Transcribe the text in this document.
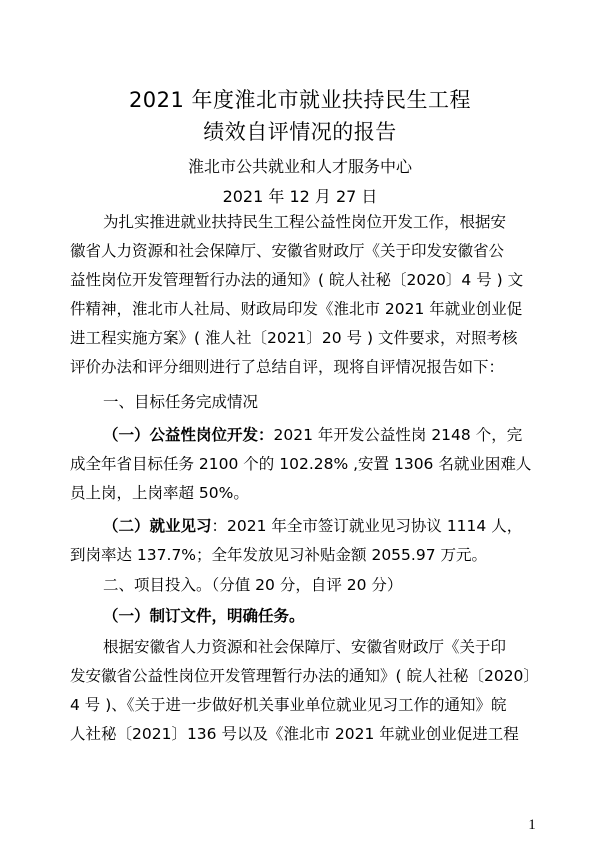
2021 年度淮北市就业扶持民生工程
绩效自评情况的报告
淮北市公共就业和人才服务中心
2021 年 12 月 27 日
为扎实推进就业扶持民生工程公益性岗位开发工作，根据安
徽省人力资源和社会保障厅、安徽省财政厅《关于印发安徽省公
益性岗位开发管理暂行办法的通知》( 皖人社秘〔2020〕4 号 ) 文
件精神，淮北市人社局、财政局印发《淮北市 2021 年就业创业促
进工程实施方案》( 淮人社〔2021〕20 号 ) 文件要求，对照考核
评价办法和评分细则进行了总结自评，现将自评情况报告如下：
一、目标任务完成情况
（一）公益性岗位开发：2021 年开发公益性岗 2148 个，完
成全年省目标任务 2100 个的 102.28% ,安置 1306 名就业困难人
员上岗，上岗率超 50%。
（二）就业见习：2021 年全市签订就业见习协议 1114 人，
到岗率达 137.7%；全年发放见习补贴金额 2055.97 万元。
二、项目投入。（分值 20 分，自评 20 分）
（一）制订文件，明确任务。
根据安徽省人力资源和社会保障厅、安徽省财政厅《关于印
发安徽省公益性岗位开发管理暂行办法的通知》( 皖人社秘〔2020〕
4 号 )、《关于进一步做好机关事业单位就业见习工作的通知》皖
人社秘〔2021〕136 号以及《淮北市 2021 年就业创业促进工程
1
